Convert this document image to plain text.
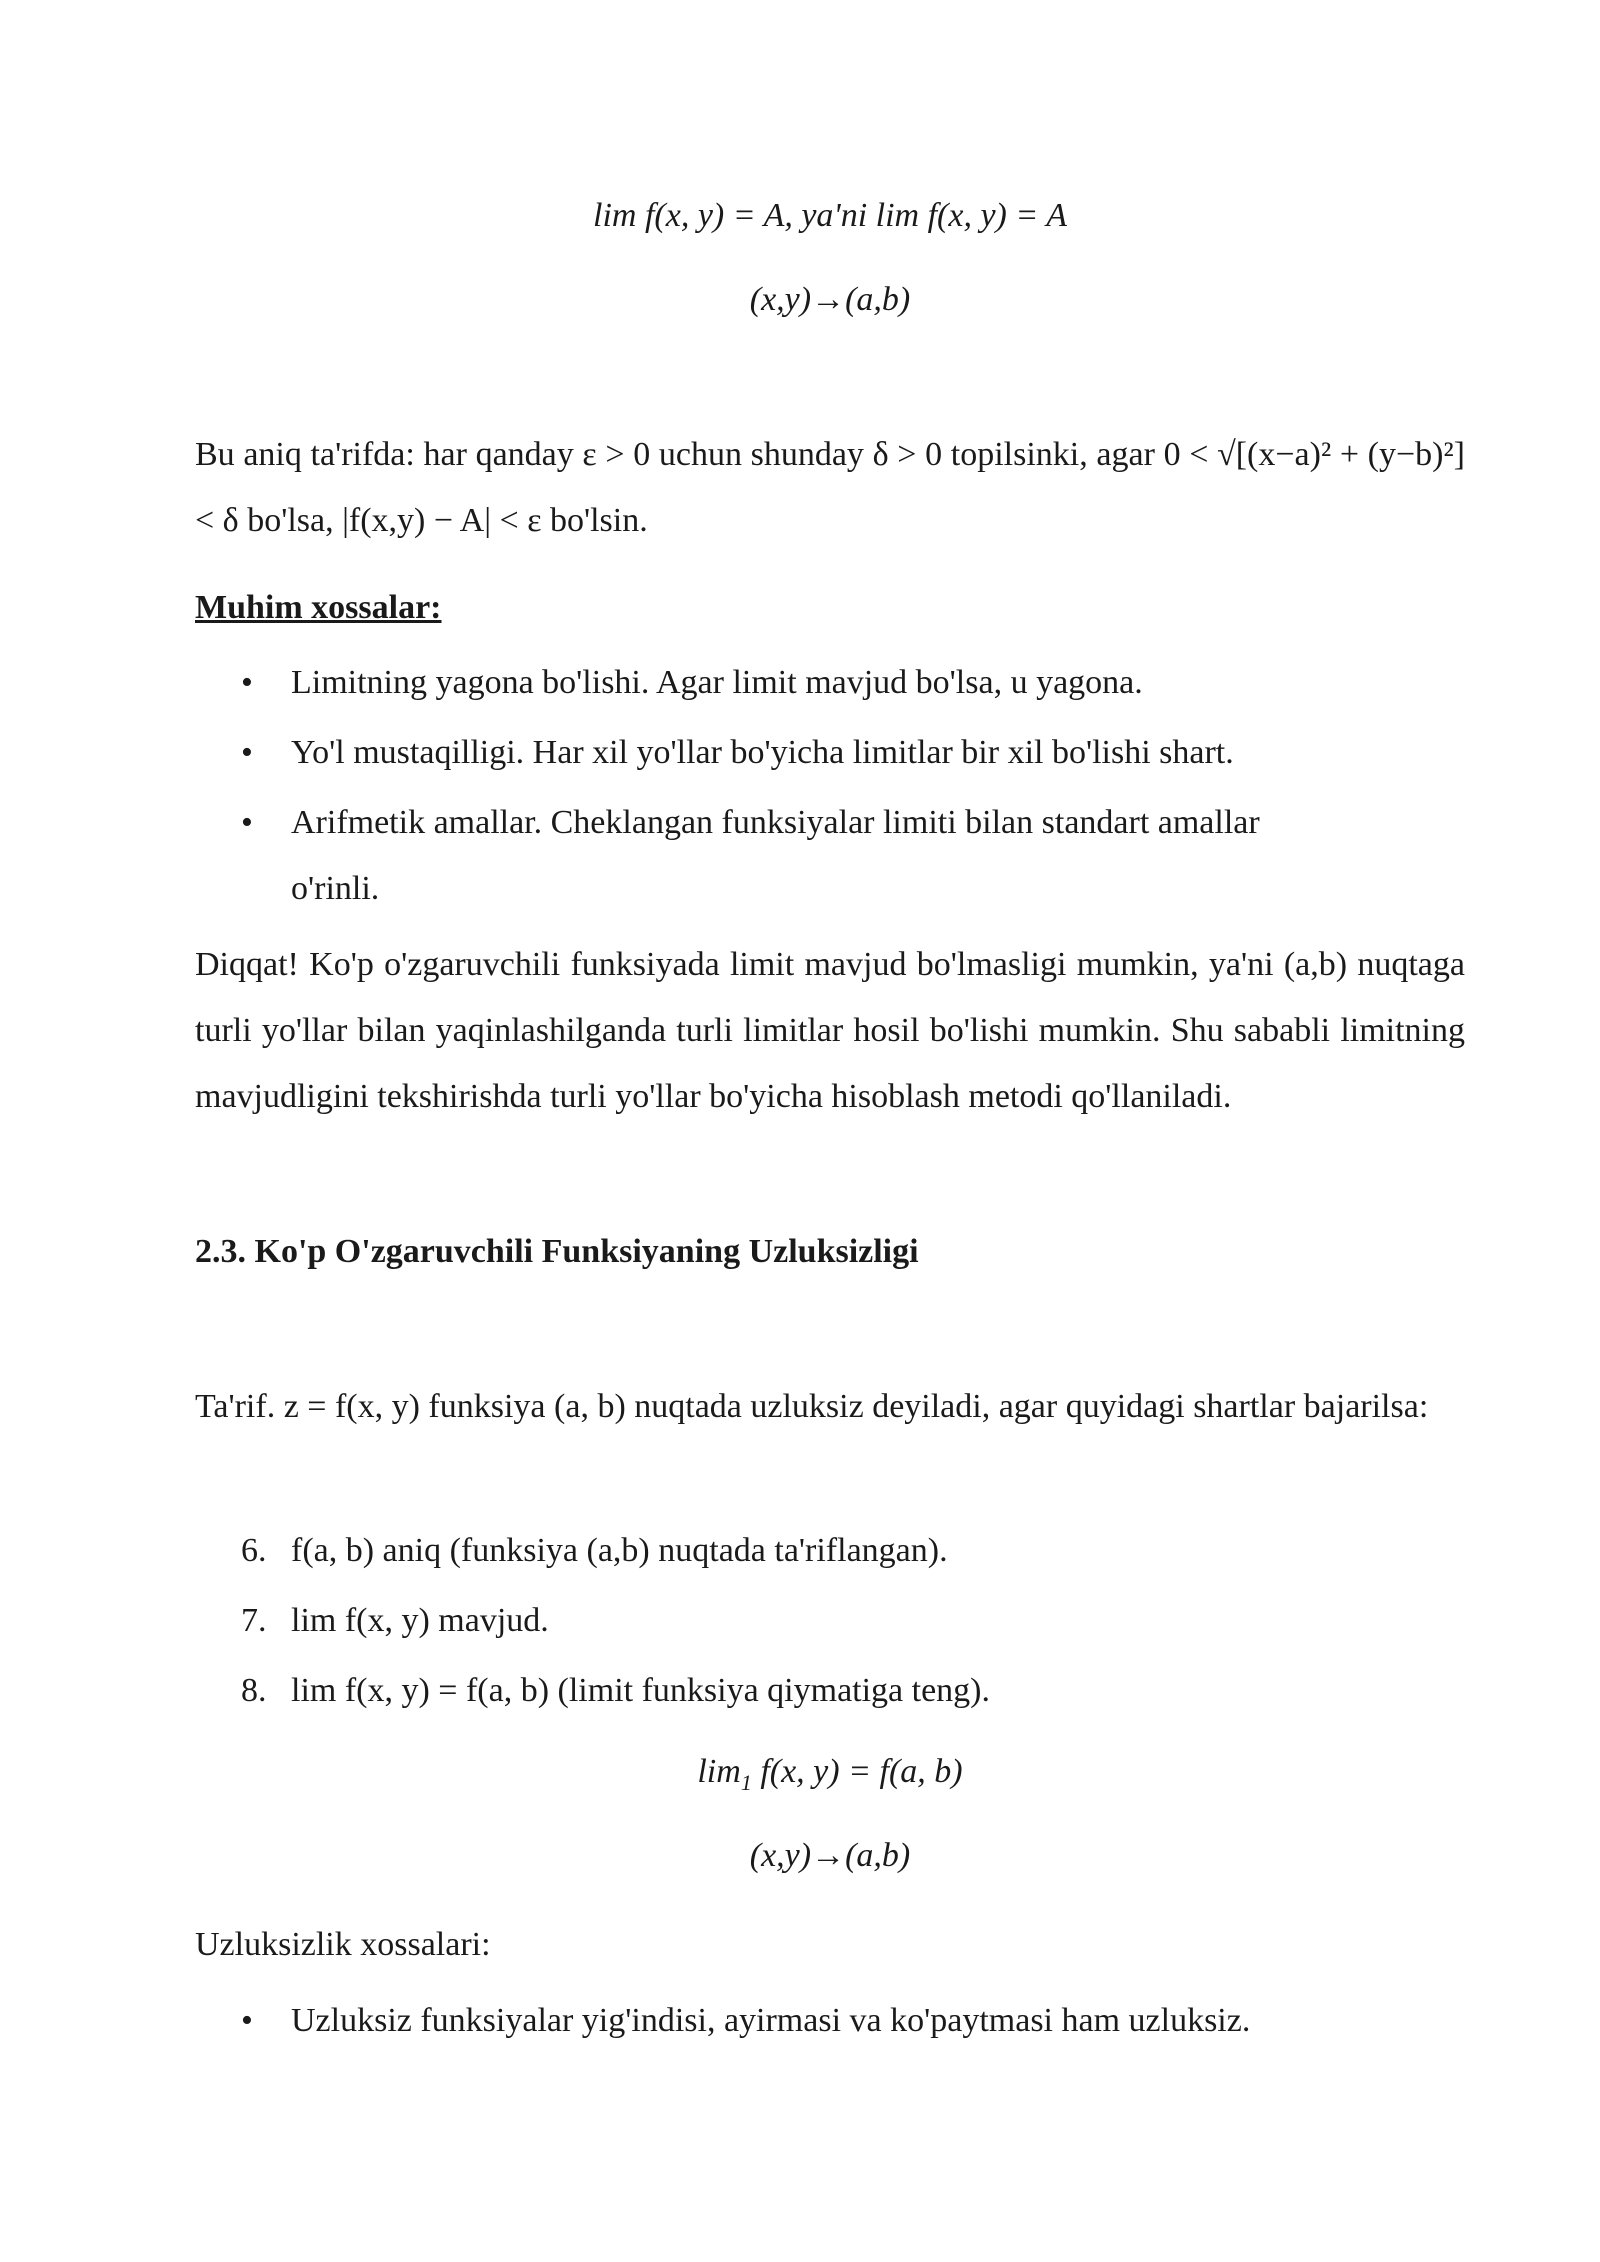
lim f(x, y) = A, ya'ni lim f(x, y) = A
(x,y)→(a,b)

Bu aniq ta'rifda: har qanday ε > 0 uchun shunday δ > 0 topilsinki, agar 0 < √[(x−a)² + (y−b)²] < δ bo'lsa, |f(x,y) − A| < ε bo'lsin.

Muhim xossalar:
• Limitning yagona bo'lishi. Agar limit mavjud bo'lsa, u yagona.
• Yo'l mustaqilligi. Har xil yo'llar bo'yicha limitlar bir xil bo'lishi shart.
• Arifmetik amallar. Cheklangan funksiyalar limiti bilan standart amallar o'rinli.

Diqqat! Ko'p o'zgaruvchili funksiyada limit mavjud bo'lmasligi mumkin, ya'ni (a,b) nuqtaga turli yo'llar bilan yaqinlashilganda turli limitlar hosil bo'lishi mumkin. Shu sababli limitning mavjudligini tekshirishda turli yo'llar bo'yicha hisoblash metodi qo'llaniladi.

2.3. Ko'p O'zgaruvchili Funksiyaning Uzluksizligi

Ta'rif. z = f(x, y) funksiya (a, b) nuqtada uzluksiz deyiladi, agar quyidagi shartlar bajarilsa:

6. f(a, b) aniq (funksiya (a,b) nuqtada ta'riflangan).
7. lim f(x, y) mavjud.
8. lim f(x, y) = f(a, b) (limit funksiya qiymatiga teng).
$\lim_1 f(x$, y) = f(a, b)
(x,y)→(a,b)
Uzluksizlik xossalari:
• Uzluksiz funksiyalar yig'indisi, ayirmasi va ko'paytmasi ham uzluksiz.
